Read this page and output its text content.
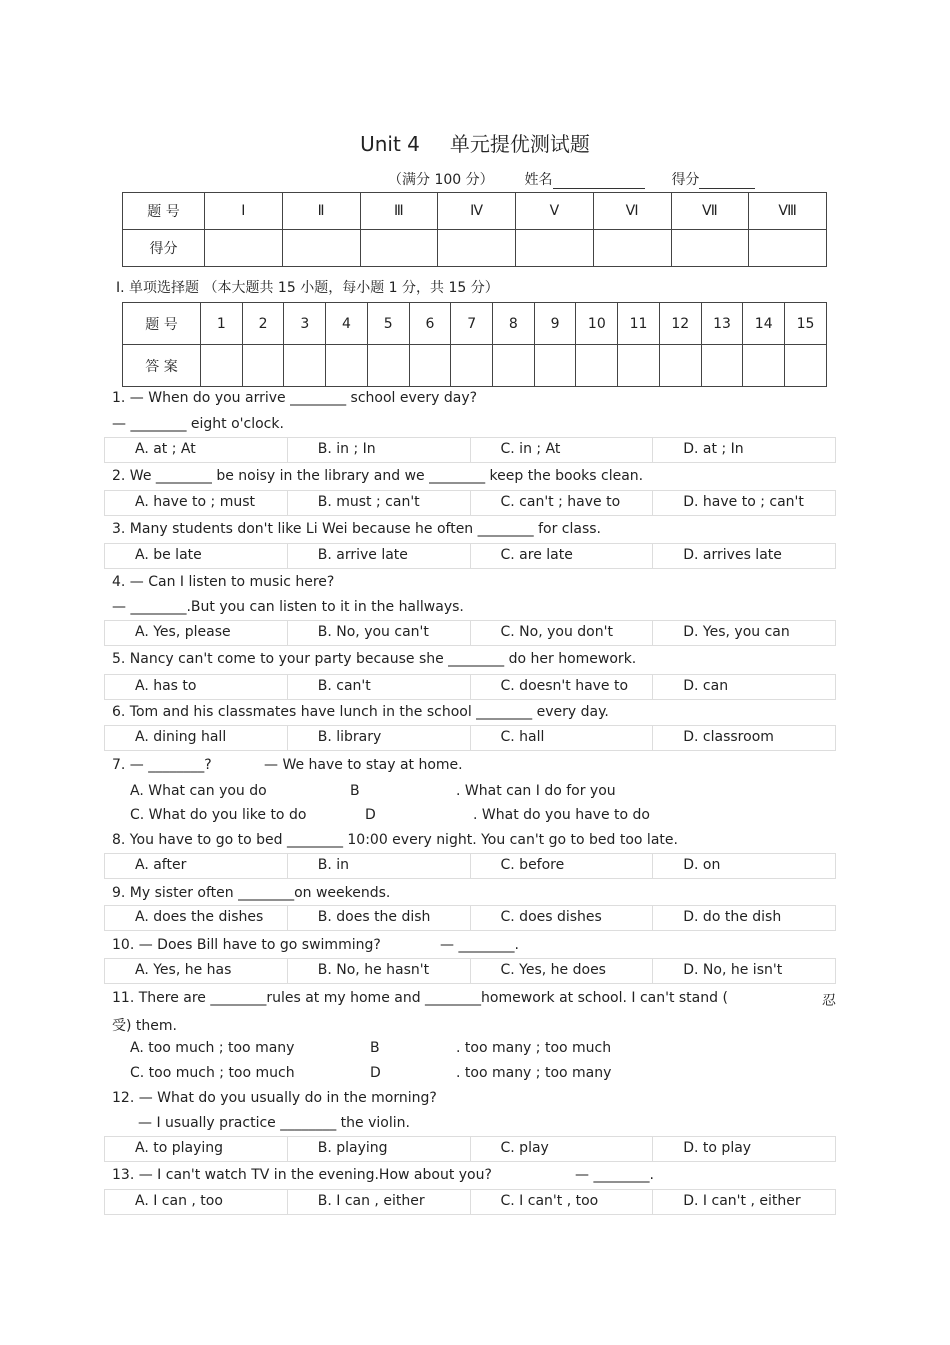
Unit 4 单元提优测试题
（满分 100 分） 姓名	得分
题 号	Ⅰ	Ⅱ	Ⅲ	Ⅳ	Ⅴ	Ⅵ	Ⅶ	Ⅷ
得分								
Ⅰ. 单项选择题 （本大题共 15 小题，每小题 1 分，共 15 分）
题 号	1	2	3	4	5	6	7	8	9	10	11	12	13	14	15
答 案															
1. — When do you arrive ________ school every day?
— ________ eight o'clock.
A. at ; At	B. in ; In	C. in ; At	D. at ; In
2. We ________ be noisy in the library and we ________ keep the books clean.
A. have to ; must	B. must ; can't	C. can't ; have to	D. have to ; can't
3. Many students don't like Li Wei because he often ________ for class.
A. be late	B. arrive late	C. are late	D. arrives late
4. — Can I listen to music here?
— ________.But you can listen to it in the hallways.
A. Yes, please	B. No, you can't	C. No, you don't	D. Yes, you can
5. Nancy can't come to your party because she ________ do her homework.
A. has to	B. can't	C. doesn't have to	D. can
6. Tom and his classmates have lunch in the school ________ every day.
A. dining hall	B. library	C. hall	D. classroom
7. — ________?	— We have to stay at home.
A. What can you do	B	. What can I do for you
C. What do you like to do	D	. What do you have to do
8. You have to go to bed ________ 10:00 every night. You can't go to bed too late.
A. after	B. in	C. before	D. on
9. My sister often ________on weekends.
A. does the dishes	B. does the dish	C. does dishes	D. do the dish
10. — Does Bill have to go swimming?	— ________.
A. Yes, he has	B. No, he hasn't	C. Yes, he does	D. No, he isn't
11. There are ________rules at my home and ________homework at school. I can't stand (	忍
受) them.
A. too much ; too many	B	. too many ; too much
C. too much ; too much	D	. too many ; too many
12. — What do you usually do in the morning?
— I usually practice ________ the violin.
A. to playing	B. playing	C. play	D. to play
13. — I can't watch TV in the evening.How about you?	— ________.
A. I can , too	B. I can , either	C. I can't , too	D. I can't , either
